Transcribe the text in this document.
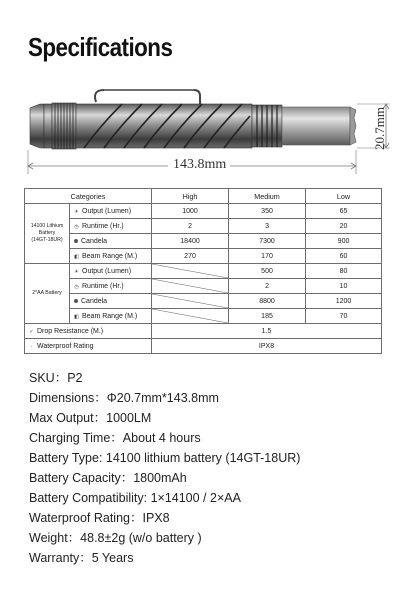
Specifications
143.8mm
20.7mm
Categories		High	Medium	Low

14100 Lithium Battery
(14GT-18UR)	☀ Output (Lumen)	1000	350	65
	◷ Runtime (Hr.)	2	3	20
	Candela	18400	7300	900
	◧ Beam Range (M.)	270	170	60
2*AA Battery	☀ Output (Lumen)		500	80
	◷ Runtime (Hr.)		2	10
	Candela		8800	1200
	◧ Beam Range (M.)		185	70
✓ Drop Resistance (M.)		1.5		
◦ Waterproof Rating		IPX8		
SKU：P2
Dimensions：Φ20.7mm*143.8mm
Max Output：1000LM
Charging Time：About 4 hours
Battery Type: 14100 lithium battery (14GT-18UR)
Battery Capacity：1800mAh
Battery Compatibility: 1×14100 / 2×AA
Waterproof Rating：IPX8
Weight：48.8±2g (w/o battery )
Warranty：5 Years
